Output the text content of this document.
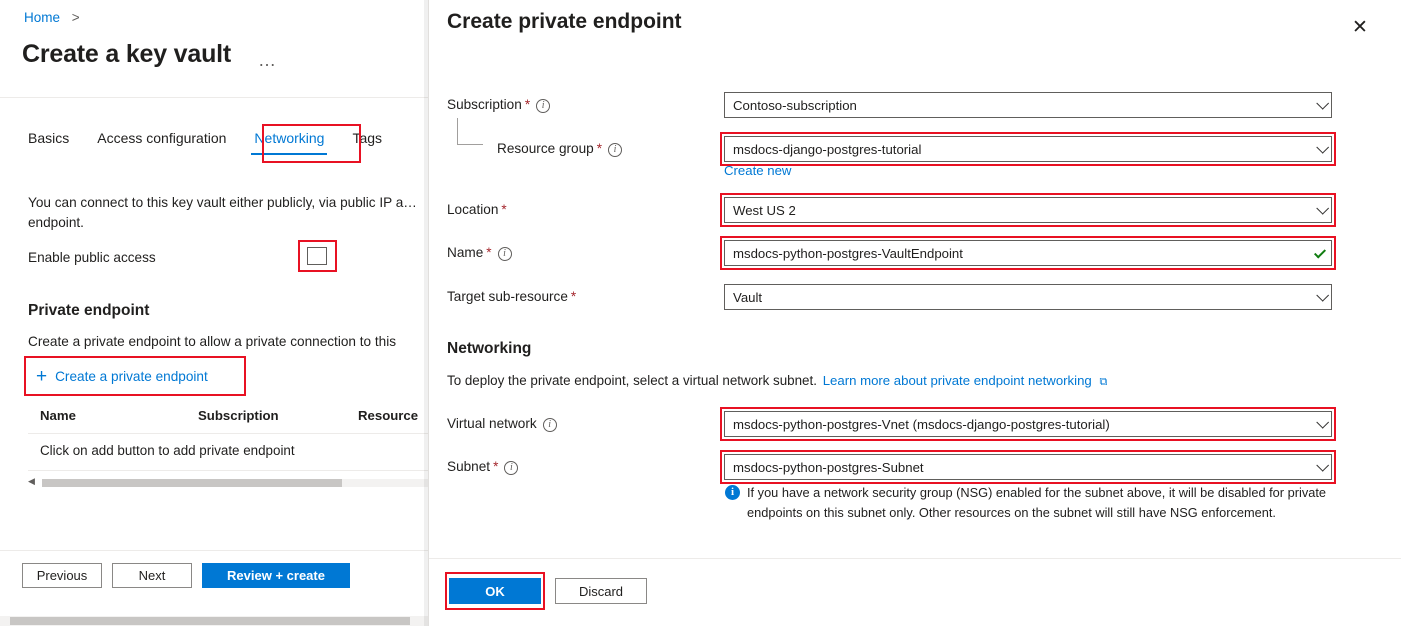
Home >
Create a key vault …
Basics	Access configuration	Networking	Tags
You can connect to this key vault either publicly, via public IP a… endpoint.
Enable public access
Private endpoint
Create a private endpoint to allow a private connection to this
+ Create a private endpoint
Name	Subscription	Resource
Click on add button to add private endpoint
◀
Previous	Next	Review + create
Create private endpoint	✕
Subscription * i	Contoso-subscription
Resource group * i	msdocs-django-postgres-tutorial
Create new
Location *	West US 2
Name * i	msdocs-python-postgres-VaultEndpoint
Target sub-resource *	Vault
Networking
To deploy the private endpoint, select a virtual network subnet. Learn more about private endpoint networking ⧉
Virtual network i	msdocs-python-postgres-Vnet (msdocs-django-postgres-tutorial)
Subnet * i	msdocs-python-postgres-Subnet
i	If you have a network security group (NSG) enabled for the subnet above, it will be disabled for private endpoints on this subnet only. Other resources on the subnet will still have NSG enforcement.
OK	Discard
